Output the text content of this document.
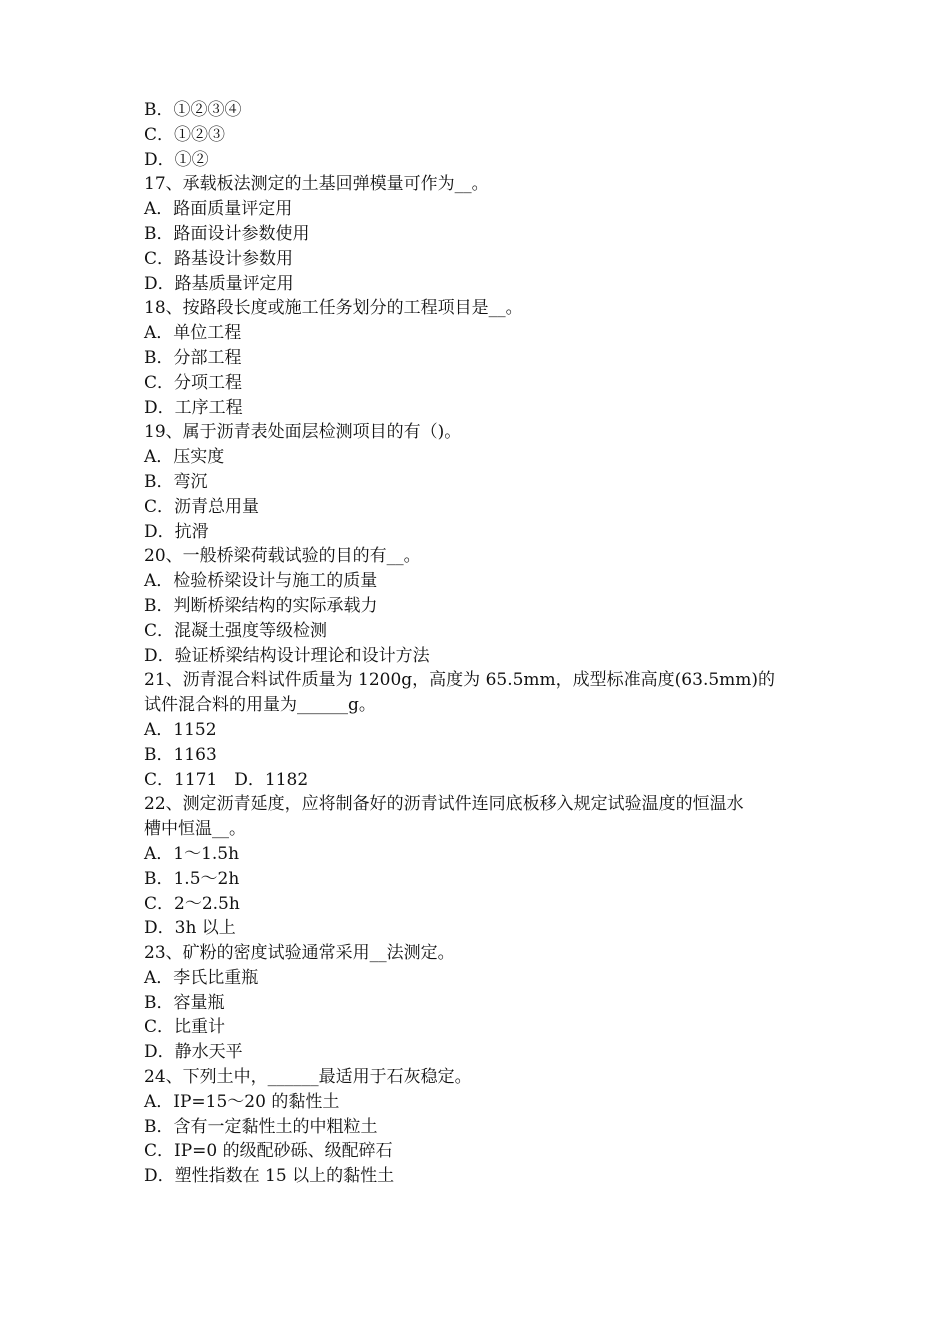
B．①②③④

C．①②③

D．①②

17、承载板法测定的土基回弹模量可作为__。

A．路面质量评定用

B．路面设计参数使用

C．路基设计参数用

D．路基质量评定用

18、按路段长度或施工任务划分的工程项目是__。

A．单位工程

B．分部工程

C．分项工程

D．工序工程

19、属于沥青表处面层检测项目的有（)。

A．压实度

B．弯沉

C．沥青总用量

D．抗滑

20、一般桥梁荷载试验的目的有__。

A．检验桥梁设计与施工的质量

B．判断桥梁结构的实际承载力

C．混凝土强度等级检测

D．验证桥梁结构设计理论和设计方法

21、沥青混合料试件质量为 1200g，高度为 65.5mm，成型标准高度(63.5mm)的

试件混合料的用量为______g。

A．1152

B．1163

C．1171　D．1182

22、测定沥青延度，应将制备好的沥青试件连同底板移入规定试验温度的恒温水

槽中恒温__。

A．1～1.5h

B．1.5～2h

C．2～2.5h

D．3h 以上

23、矿粉的密度试验通常采用__法测定。

A．李氏比重瓶

B．容量瓶

C．比重计

D．静水天平

24、下列土中，______最适用于石灰稳定。

A．IP=15～20 的黏性土

B．含有一定黏性土的中粗粒土

C．IP=0 的级配砂砾、级配碎石

D．塑性指数在 15 以上的黏性土
